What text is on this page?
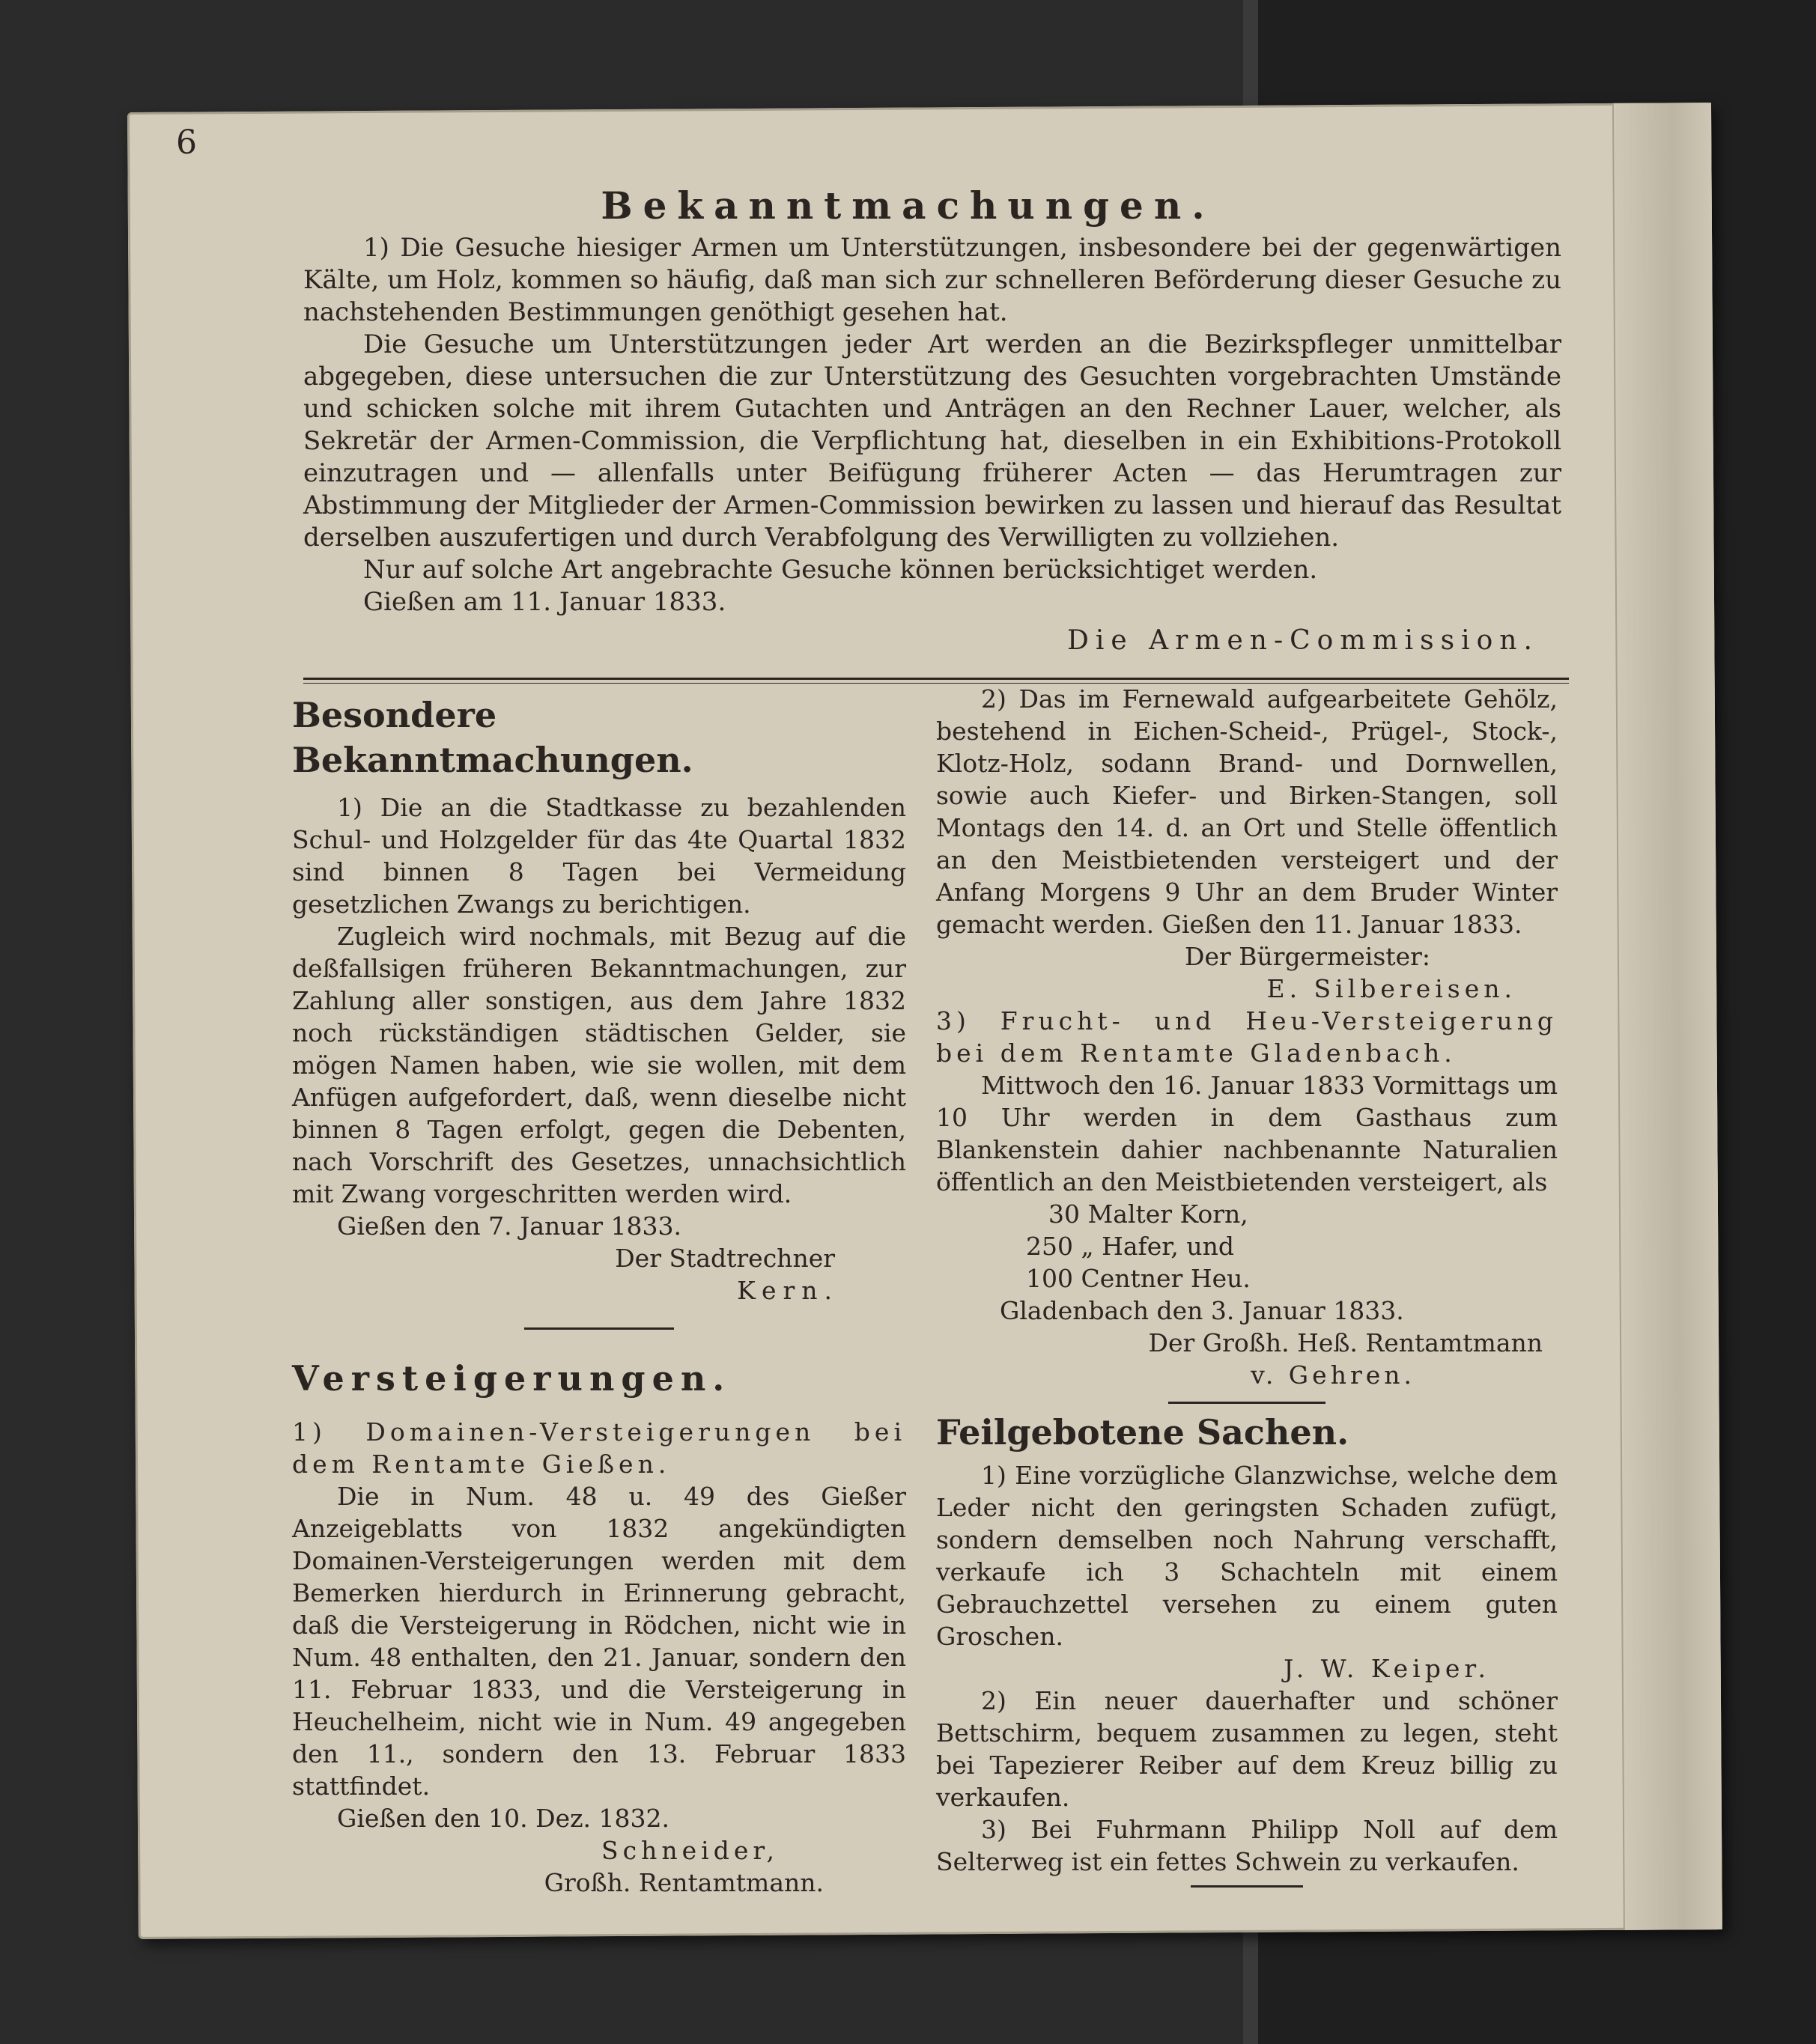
6
Bekanntmachungen.

1) Die Gesuche hiesiger Armen um Unterstützungen, insbesondere bei der gegenwärtigen Kälte, um Holz, kommen so häufig, daß man sich zur schnelleren Beförderung dieser Gesuche zu nachstehenden Bestimmungen genöthigt gesehen hat.

Die Gesuche um Unterstützungen jeder Art werden an die Bezirkspfleger unmittelbar abgegeben, diese untersuchen die zur Unterstützung des Gesuchten vorgebrachten Umstände und schicken solche mit ihrem Gutachten und Anträgen an den Rechner Lauer, welcher, als Sekretär der Armen-Commission, die Verpflichtung hat, dieselben in ein Exhibitions-Protokoll einzutragen und — allenfalls unter Beifügung früherer Acten — das Herumtragen zur Abstimmung der Mitglieder der Armen-Commission bewirken zu lassen und hierauf das Resultat derselben auszufertigen und durch Verabfolgung des Verwilligten zu vollziehen.

Nur auf solche Art angebrachte Gesuche können berücksichtiget werden.

Gießen am 11. Januar 1833.

Die Armen-Commission.

Besondere Bekanntmachungen.

1) Die an die Stadtkasse zu bezahlenden Schul- und Holzgelder für das 4te Quartal 1832 sind binnen 8 Tagen bei Vermeidung gesetzlichen Zwangs zu berichtigen.

Zugleich wird nochmals, mit Bezug auf die deßfallsigen früheren Bekanntmachungen, zur Zahlung aller sonstigen, aus dem Jahre 1832 noch rückständigen städtischen Gelder, sie mögen Namen haben, wie sie wollen, mit dem Anfügen aufgefordert, daß, wenn dieselbe nicht binnen 8 Tagen erfolgt, gegen die Debenten, nach Vorschrift des Gesetzes, unnachsichtlich mit Zwang vorgeschritten werden wird.

Gießen den 7. Januar 1833.

Der Stadtrechner

Kern.

Versteigerungen.

1) Domainen-Versteigerungen bei dem Rentamte Gießen.

Die in Num. 48 u. 49 des Gießer Anzeigeblatts von 1832 angekündigten Domainen-Versteigerungen werden mit dem Bemerken hierdurch in Erinnerung gebracht, daß die Versteigerung in Rödchen, nicht wie in Num. 48 enthalten, den 21. Januar, sondern den 11. Februar 1833, und die Versteigerung in Heuchelheim, nicht wie in Num. 49 angegeben den 11., sondern den 13. Februar 1833 stattfindet.

Gießen den 10. Dez. 1832.

Schneider,

Großh. Rentamtmann.

2) Das im Fernewald aufgearbeitete Gehölz, bestehend in Eichen-Scheid-, Prügel-, Stock-, Klotz-Holz, sodann Brand- und Dornwellen, sowie auch Kiefer- und Birken-Stangen, soll Montags den 14. d. an Ort und Stelle öffentlich an den Meistbietenden versteigert und der Anfang Morgens 9 Uhr an dem Bruder Winter gemacht werden. Gießen den 11. Januar 1833.

Der Bürgermeister:

E. Silbereisen.

3) Frucht- und Heu-Versteigerung bei dem Rentamte Gladenbach.

Mittwoch den 16. Januar 1833 Vormittags um 10 Uhr werden in dem Gasthaus zum Blankenstein dahier nachbenannte Naturalien öffentlich an den Meistbietenden versteigert, als

30 Malter Korn,

250 „ Hafer, und

100 Centner Heu.

Gladenbach den 3. Januar 1833.

Der Großh. Heß. Rentamtmann

v. Gehren.

Feilgebotene Sachen.

1) Eine vorzügliche Glanzwichse, welche dem Leder nicht den geringsten Schaden zufügt, sondern demselben noch Nahrung verschafft, verkaufe ich 3 Schachteln mit einem Gebrauchzettel versehen zu einem guten Groschen.

J. W. Keiper.

2) Ein neuer dauerhafter und schöner Bettschirm, bequem zusammen zu legen, steht bei Tapezierer Reiber auf dem Kreuz billig zu verkaufen.

3) Bei Fuhrmann Philipp Noll auf dem Selterweg ist ein fettes Schwein zu verkaufen.
